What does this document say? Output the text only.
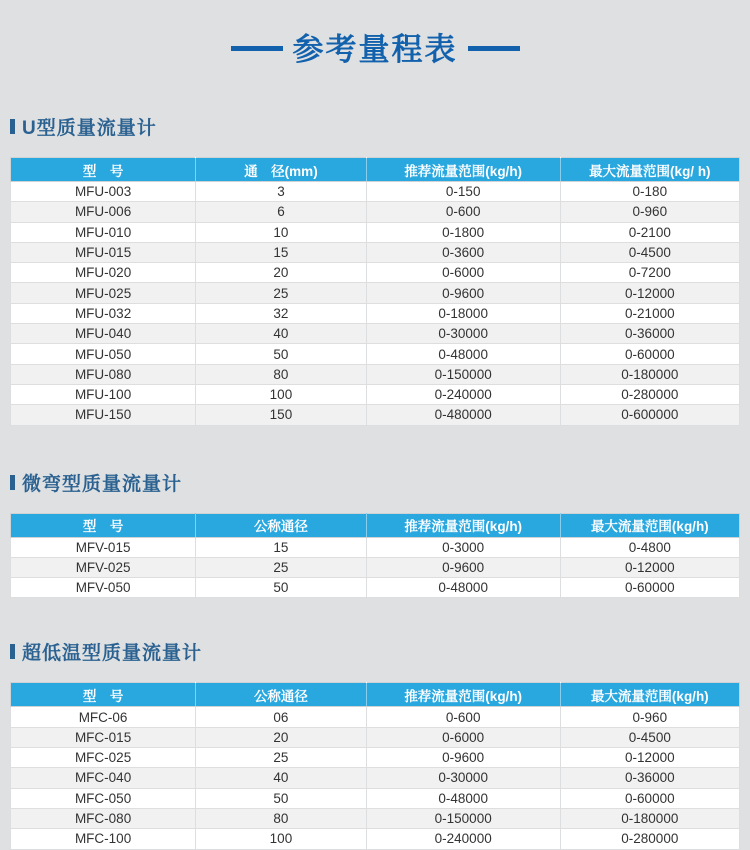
参考量程表
U型质量流量计
型　号	通　径(mm)	推荐流量范围(kg/h)	最大流量范围(kg/ h)
MFU-003	3	0-150	0-180
MFU-006	6	0-600	0-960
MFU-010	10	0-1800	0-2100
MFU-015	15	0-3600	0-4500
MFU-020	20	0-6000	0-7200
MFU-025	25	0-9600	0-12000
MFU-032	32	0-18000	0-21000
MFU-040	40	0-30000	0-36000
MFU-050	50	0-48000	0-60000
MFU-080	80	0-150000	0-180000
MFU-100	100	0-240000	0-280000
MFU-150	150	0-480000	0-600000
微弯型质量流量计
型　号	公称通径	推荐流量范围(kg/h)	最大流量范围(kg/h)
MFV-015	15	0-3000	0-4800
MFV-025	25	0-9600	0-12000
MFV-050	50	0-48000	0-60000
超低温型质量流量计
型　号	公称通径	推荐流量范围(kg/h)	最大流量范围(kg/h)
MFC-06	06	0-600	0-960
MFC-015	20	0-6000	0-4500
MFC-025	25	0-9600	0-12000
MFC-040	40	0-30000	0-36000
MFC-050	50	0-48000	0-60000
MFC-080	80	0-150000	0-180000
MFC-100	100	0-240000	0-280000
